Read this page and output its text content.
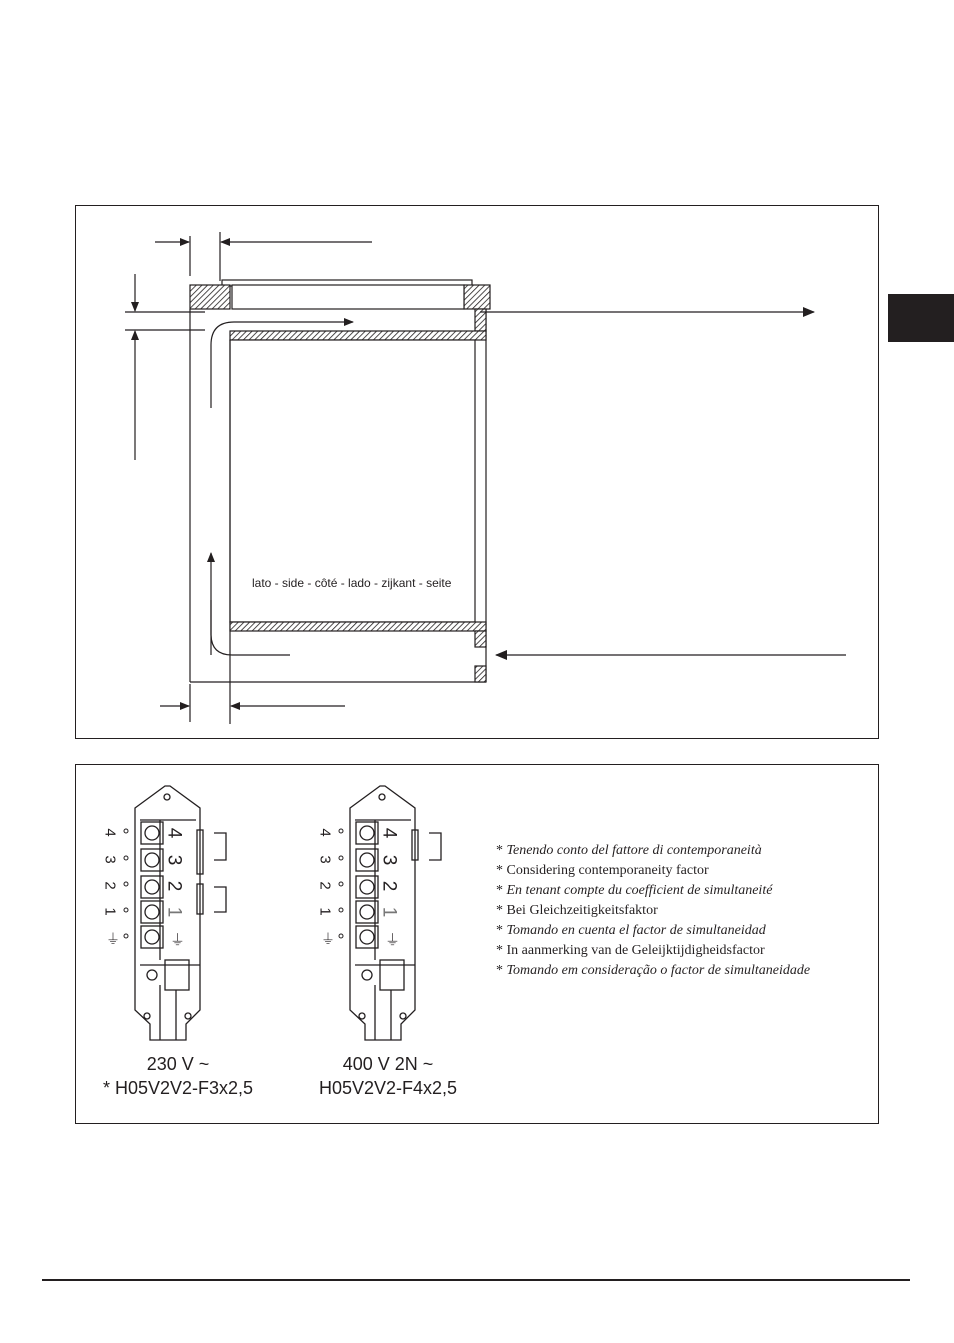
lato - side - côté - lado - zijkant - seite
4
3
2
1
⏚
4
3
2
1
⏚
4
3
2
1
⏚
4
3
2
1
⏚
* Tenendo conto del fattore di contemporaneità
* Considering contemporaneity factor
* En tenant compte du coefficient de simultaneité
* Bei Gleichzeitigkeitsfaktor
* Tomando en cuenta el factor de simultaneidad
* In aanmerking van de Geleijktijdigheidsfactor
* Tomando em consideração o factor de simultaneidade
230 V ~
* H05V2V2-F3x2,5
400 V 2N ~
H05V2V2-F4x2,5
